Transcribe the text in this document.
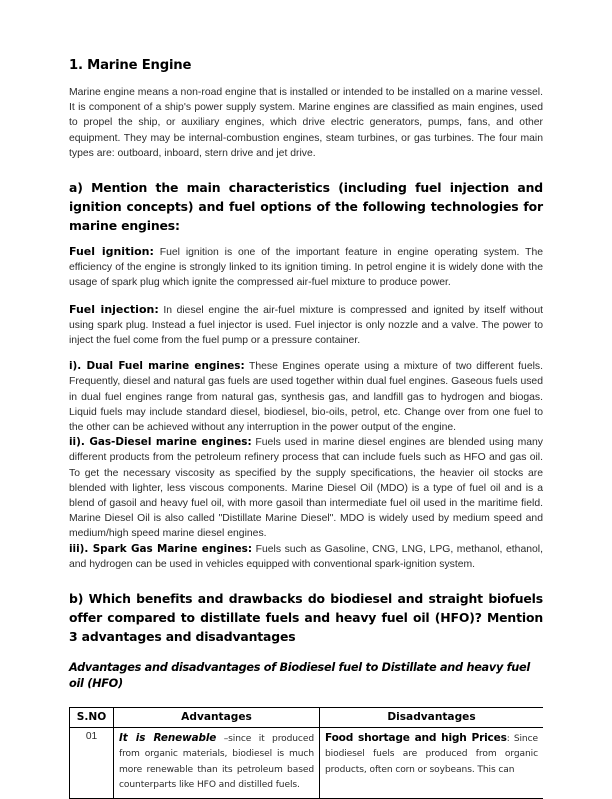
1. Marine Engine

Marine engine means a non-road engine that is installed or intended to be installed on a marine vessel. It is component of a ship's power supply system. Marine engines are classified as main engines, used to propel the ship, or auxiliary engines, which drive electric generators, pumps, fans, and other equipment. They may be internal-combustion engines, steam turbines, or gas turbines. The four main types are: outboard, inboard, stern drive and jet drive.

a) Mention the main characteristics (including fuel injection and ignition concepts) and fuel options of the following technologies for marine engines:

Fuel ignition: Fuel ignition is one of the important feature in engine operating system. The efficiency of the engine is strongly linked to its ignition timing. In petrol engine it is widely done with the usage of spark plug which ignite the compressed air-fuel mixture to produce power.

Fuel injection: In diesel engine the air-fuel mixture is compressed and ignited by itself without using spark plug. Instead a fuel injector is used. Fuel injector is only nozzle and a valve. The power to inject the fuel come from the fuel pump or a pressure container.

i). Dual Fuel marine engines: These Engines operate using a mixture of two different fuels. Frequently, diesel and natural gas fuels are used together within dual fuel engines. Gaseous fuels used in dual fuel engines range from natural gas, synthesis gas, and landfill gas to hydrogen and biogas. Liquid fuels may include standard diesel, biodiesel, bio-oils, petrol, etc. Change over from one fuel to the other can be achieved without any interruption in the power output of the engine.

ii). Gas-Diesel marine engines: Fuels used in marine diesel engines are blended using many different products from the petroleum refinery process that can include fuels such as HFO and gas oil. To get the necessary viscosity as specified by the supply specifications, the heavier oil stocks are blended with lighter, less viscous components. Marine Diesel Oil (MDO) is a type of fuel oil and is a blend of gasoil and heavy fuel oil, with more gasoil than intermediate fuel oil used in the maritime field. Marine Diesel Oil is also called "Distillate Marine Diesel". MDO is widely used by medium speed and medium/high speed marine diesel engines.

iii). Spark Gas Marine engines: Fuels such as Gasoline, CNG, LNG, LPG, methanol, ethanol, and hydrogen can be used in vehicles equipped with conventional spark-ignition system.

b) Which benefits and drawbacks do biodiesel and straight biofuels offer compared to distillate fuels and heavy fuel oil (HFO)? Mention 3 advantages and disadvantages
Advantages and disadvantages of Biodiesel fuel to Distillate and heavy fuel oil (HFO)
S.NO	Advantages	Disadvantages
01	It is Renewable –since it produced from organic materials, biodiesel is much more renewable than its petroleum based counterparts like HFO and distilled fuels.	Food shortage and high Prices: Since biodiesel fuels are produced from organic products, often corn or soybeans. This can
